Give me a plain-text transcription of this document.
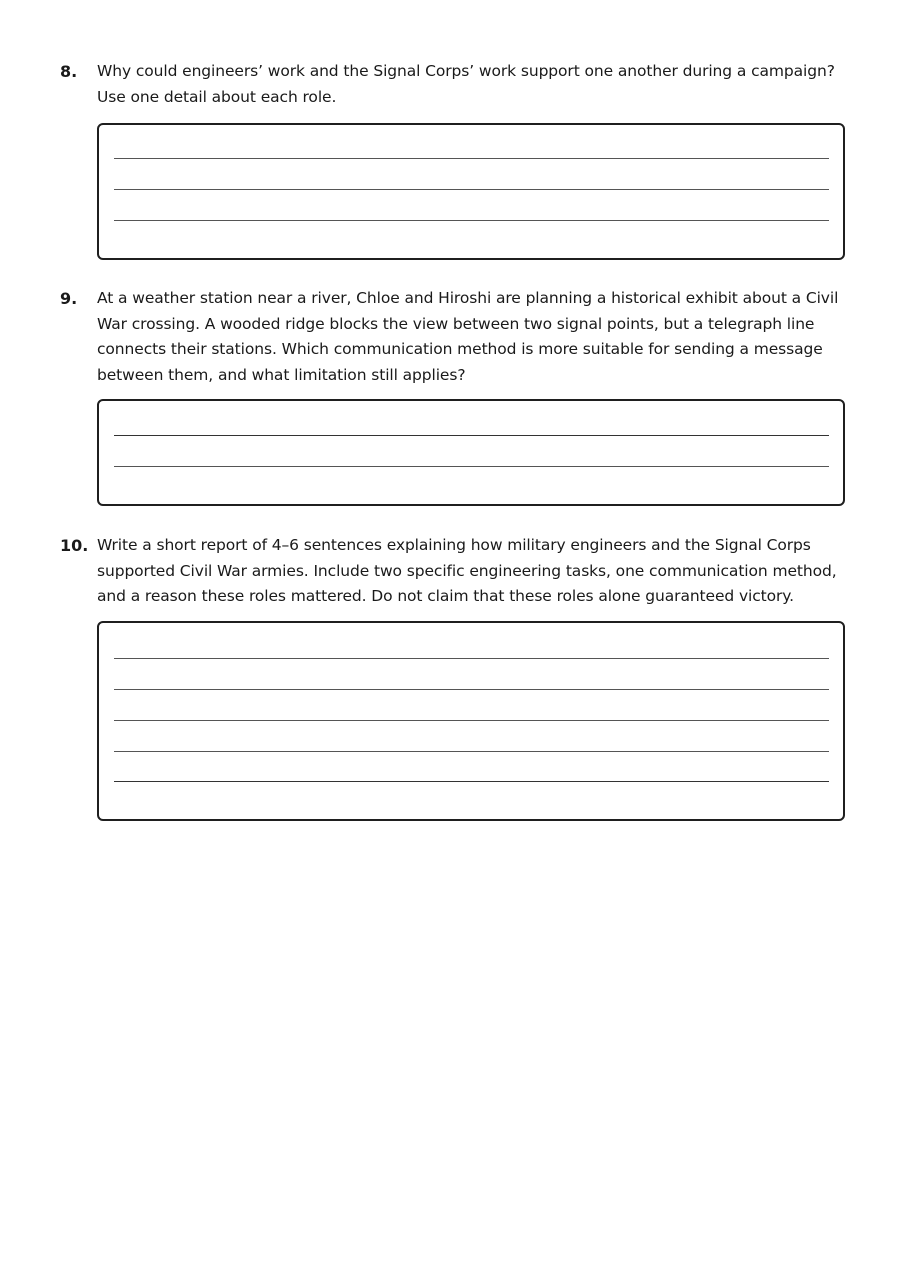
8. Why could engineers’ work and the Signal Corps’ work support one another during a campaign? Use one detail about each role.
9. At a weather station near a river, Chloe and Hiroshi are planning a historical exhibit about a Civil War crossing. A wooded ridge blocks the view between two signal points, but a telegraph line connects their stations. Which communication method is more suitable for sending a message between them, and what limitation still applies?
10. Write a short report of 4–6 sentences explaining how military engineers and the Signal Corps supported Civil War armies. Include two specific engineering tasks, one communication method, and a reason these roles mattered. Do not claim that these roles alone guaranteed victory.
